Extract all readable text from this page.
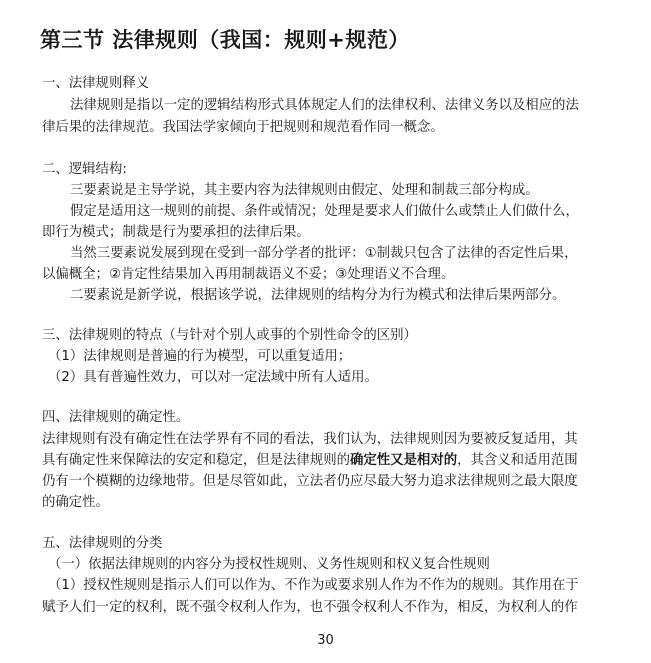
第三节 法律规则（我国：规则+规范）
一、法律规则释义
法律规则是指以一定的逻辑结构形式具体规定人们的法律权利、法律义务以及相应的法
律后果的法律规范。我国法学家倾向于把规则和规范看作同一概念。
二、逻辑结构:
三要素说是主导学说，其主要内容为法律规则由假定、处理和制裁三部分构成。
假定是适用这一规则的前提、条件或情况；处理是要求人们做什么或禁止人们做什么，
即行为模式；制裁是行为要承担的法律后果。
当然三要素说发展到现在受到一部分学者的批评：①制裁只包含了法律的否定性后果，
以偏概全；②肯定性结果加入再用制裁语义不妥；③处理语义不合理。
二要素说是新学说，根据该学说，法律规则的结构分为行为模式和法律后果两部分。
三、法律规则的特点（与针对个别人或事的个别性命令的区别）
（1）法律规则是普遍的行为模型，可以重复适用；
（2）具有普遍性效力，可以对一定法域中所有人适用。
四、法律规则的确定性。
法律规则有没有确定性在法学界有不同的看法，我们认为，法律规则因为要被反复适用，其
具有确定性来保障法的安定和稳定，但是法律规则的确定性又是相对的，其含义和适用范围
仍有一个模糊的边缘地带。但是尽管如此，立法者仍应尽最大努力追求法律规则之最大限度
的确定性。
五、法律规则的分类
（一）依据法律规则的内容分为授权性规则、义务性规则和权义复合性规则
（1）授权性规则是指示人们可以作为、不作为或要求别人作为不作为的规则。其作用在于
赋予人们一定的权利，既不强令权利人作为，也不强令权利人不作为，相反，为权利人的作
30
